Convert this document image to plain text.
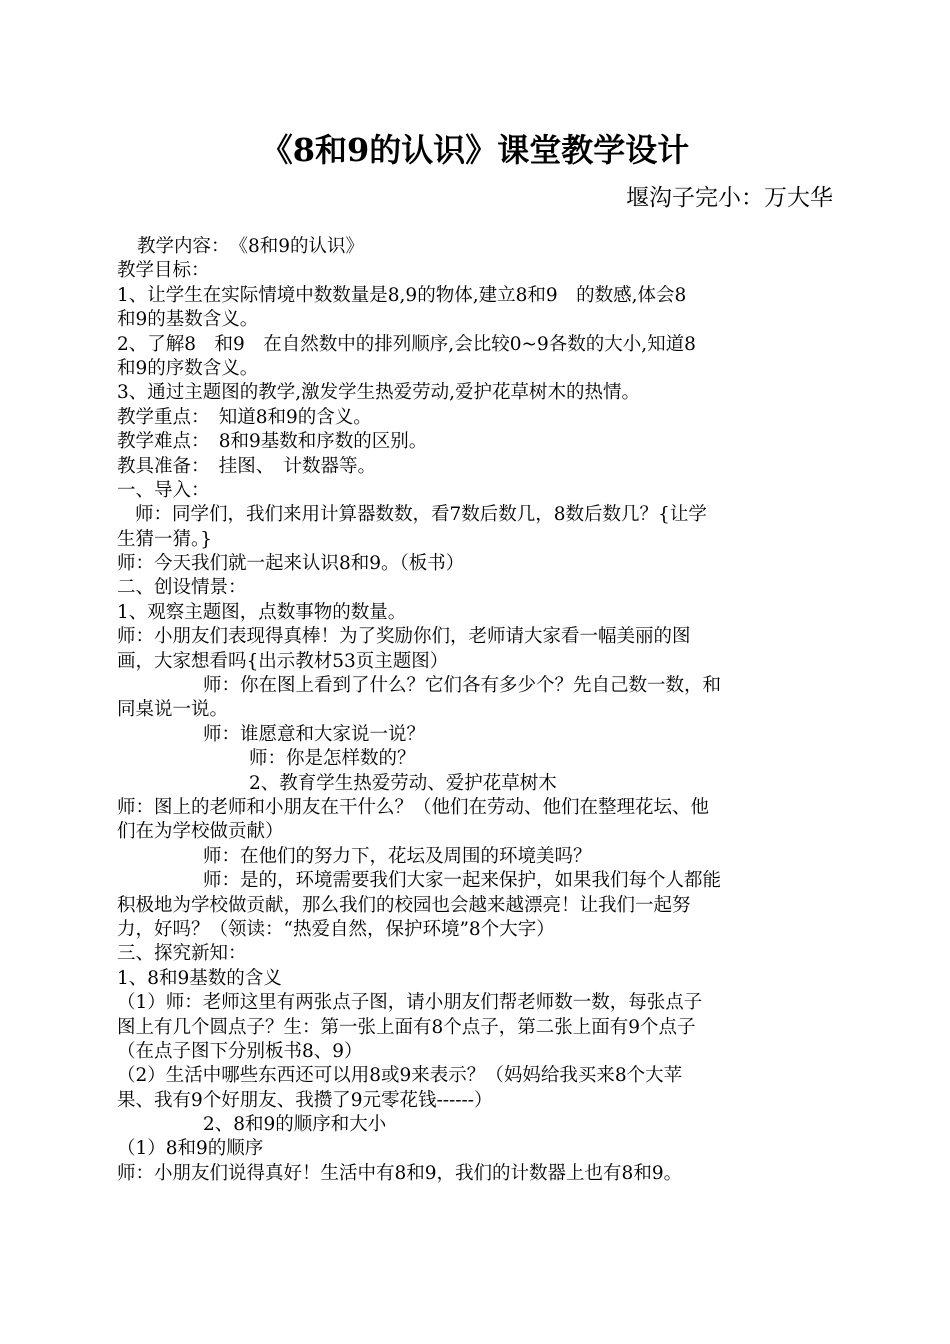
《8和9的认识》课堂教学设计
堰沟子完小：万大华
教学内容：　《8和9的认识》
教学目标：
1、让学生在实际情境中数数量是8,9的物体,建立8和9　的数感,体会8
和9的基数含义。
2、了解8　和9　在自然数中的排列顺序,会比较0~9各数的大小,知道8
和9的序数含义。
3、通过主题图的教学,激发学生热爱劳动,爱护花草树木的热情。
教学重点：　知道8和9的含义。
教学难点：　8和9基数和序数的区别。
教具准备：　挂图、　计数器等。
一、导入：
师：同学们，我们来用计算器数数，看7数后数几，8数后数几？{让学
生猜一猜。}
师：今天我们就一起来认识8和9。（板书）
二、创设情景：
1、观察主题图，点数事物的数量。
师：小朋友们表现得真棒！为了奖励你们，老师请大家看一幅美丽的图
画，大家想看吗{出示教材53页主题图）
师：你在图上看到了什么？它们各有多少个？先自己数一数，和
同桌说一说。
师：谁愿意和大家说一说？
师：你是怎样数的？
2、教育学生热爱劳动、爱护花草树木
师：图上的老师和小朋友在干什么？（他们在劳动、他们在整理花坛、他
们在为学校做贡献）
师：在他们的努力下，花坛及周围的环境美吗？
师：是的，环境需要我们大家一起来保护，如果我们每个人都能
积极地为学校做贡献，那么我们的校园也会越来越漂亮！让我们一起努
力，好吗？（领读：“热爱自然，保护环境”8个大字）
三、探究新知：
1、8和9基数的含义
（1）师：老师这里有两张点子图，请小朋友们帮老师数一数，每张点子
图上有几个圆点子？生：第一张上面有8个点子，第二张上面有9个点子
（在点子图下分别板书8、9）
（2）生活中哪些东西还可以用8或9来表示？（妈妈给我买来8个大苹
果、我有9个好朋友、我攒了9元零花钱------）
2、8和9的顺序和大小
（1）8和9的顺序
师：小朋友们说得真好！生活中有8和9，我们的计数器上也有8和9。
